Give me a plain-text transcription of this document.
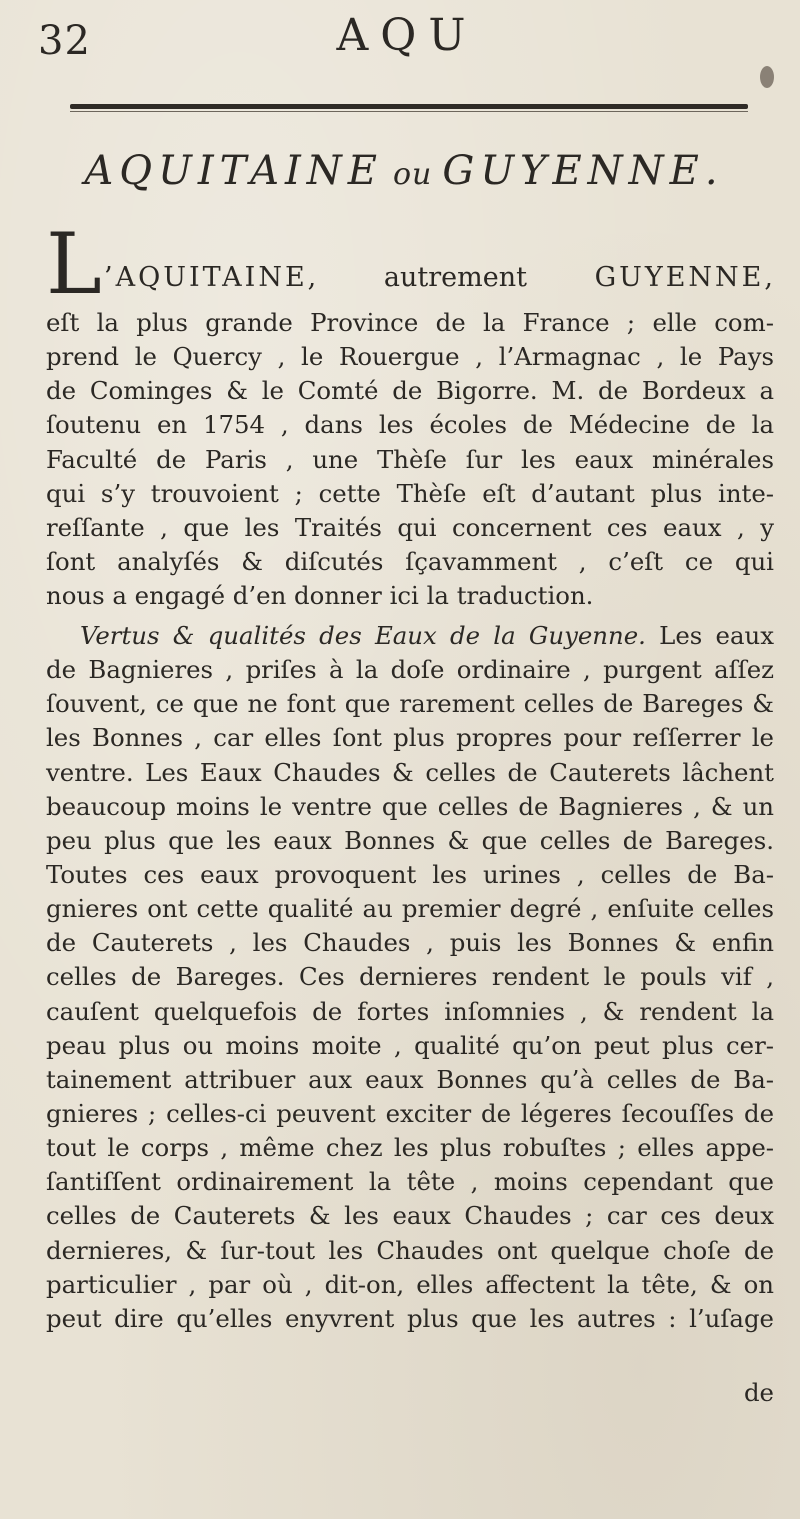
32	AQU
AQUITAINE ou GUYENNE.
L ’AQUITAINE, autrement	GUYENNE,
eſt la plus grande Province de la France ; elle com-
prend le Quercy , le Rouergue , l’Armagnac , le Pays
de Cominges & le Comté de Bigorre. M. de Bordeux a
ſoutenu en 1754 , dans les écoles de Médecine de la
Faculté de Paris , une Thèſe ſur les eaux minérales
qui s’y trouvoient ; cette Thèſe eſt d’autant plus inte-
reſſante , que les Traités qui concernent ces eaux , y
ſont analyſés & diſcutés ſçavamment , c’eſt ce qui
nous a engagé d’en donner ici la traduction.
Vertus & qualités des Eaux de la Guyenne. Les eaux
de Bagnieres , priſes à la doſe ordinaire , purgent aſſez
ſouvent, ce que ne font que rarement celles de Bareges &
les Bonnes , car elles ſont plus propres pour reſſerrer le
ventre. Les Eaux Chaudes & celles de Cauterets lâchent
beaucoup moins le ventre que celles de Bagnieres , & un
peu plus que les eaux Bonnes & que celles de Bareges.
Toutes ces eaux provoquent les urines , celles de Ba-
gnieres ont cette qualité au premier degré , enſuite celles
de Cauterets , les Chaudes , puis les Bonnes & enfin
celles de Bareges. Ces dernieres rendent le pouls vif ,
cauſent quelquefois de fortes inſomnies , & rendent la
peau plus ou moins moite , qualité qu’on peut plus cer-
tainement attribuer aux eaux Bonnes qu’à celles de Ba-
gnieres ; celles-ci peuvent exciter de légeres ſecouſſes de
tout le corps , même chez les plus robuſtes ; elles appe-
ſantiſſent ordinairement la tête , moins cependant que
celles de Cauterets & les eaux Chaudes ; car ces deux
dernieres, & ſur-tout les Chaudes ont quelque choſe de
particulier , par où , dit-on, elles affectent la tête, & on
peut dire qu’elles enyvrent plus que les autres : l’uſage
de
